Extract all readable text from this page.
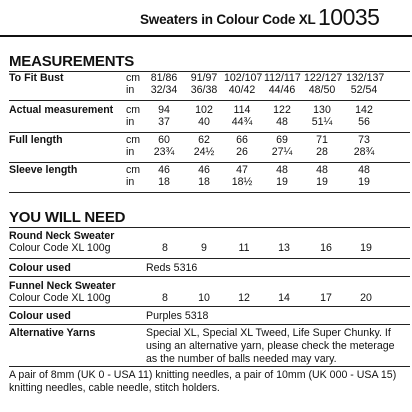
Sweaters in Colour Code XL 10035
MEASUREMENTS
To Fit Bust	cm	81/86	91/97 102/107 112/117 122/127 132/137
in	32/34	36/38	40/42	44/46	48/50	52/54
Actual measurement cm	94	102	114	122	130	142
in	37	40	44¾	48	51¼	56
Full length	cm	60	62	66	69	71	73
in	23¾	24½	26	27¼	28	28¾
Sleeve length	cm	46	46	47	48	48	48
in	18	18	18½	19	19	19
YOU WILL NEED
Round Neck Sweater
Colour Code XL 100g	8	9	11	13	16	19
Colour used	Reds 5316
Funnel Neck Sweater
Colour Code XL 100g	8	10	12	14	17	20
Colour used	Purples 5318
Alternative Yarns	Special XL, Special XL Tweed, Life Super Chunky. If using an alternative yarn, please check the meterage as the number of balls needed may vary.
A pair of 8mm (UK 0 - USA 11) knitting needles, a pair of 10mm (UK 000 - USA 15) knitting needles, cable needle, stitch holders.
